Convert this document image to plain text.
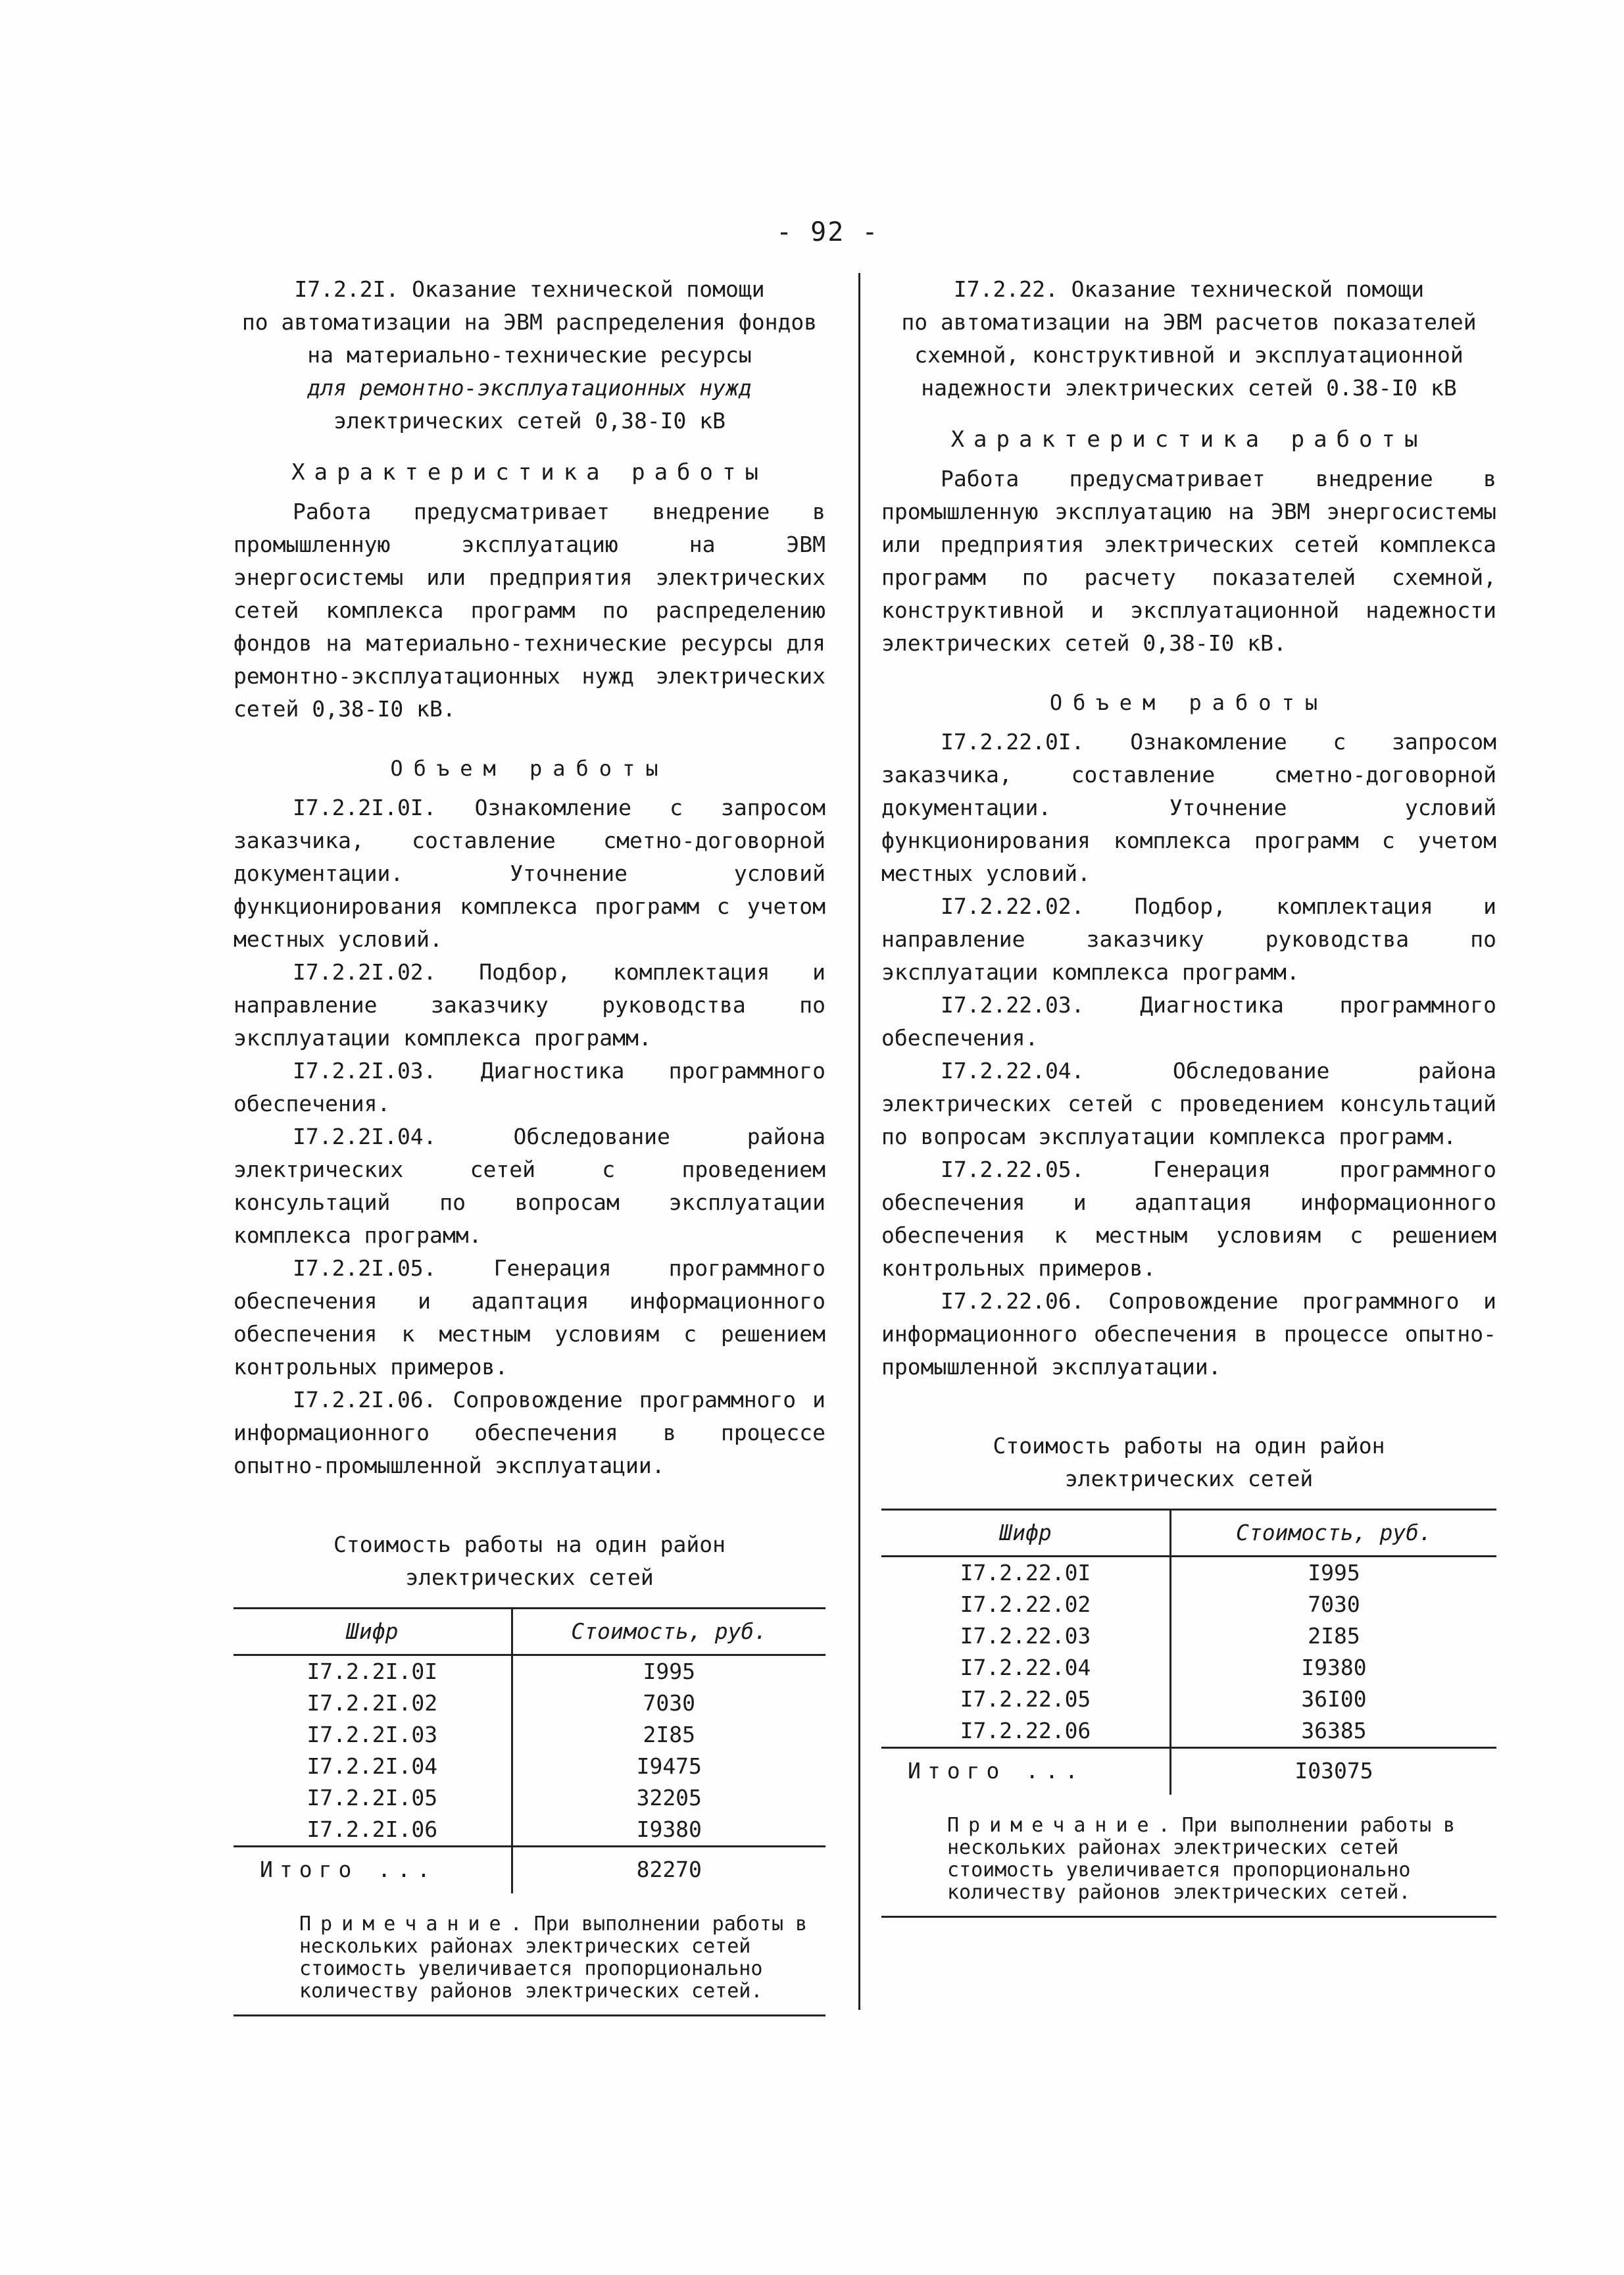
- 92 -
I7.2.2I. Оказание технической помощи
по автоматизации на ЭВМ распределения фондов
на материально-технические ресурсы
для ремонтно-эксплуатационных нужд
электрических сетей 0,38-I0 кВ
Характеристика работы

Работа предусматривает внедрение в промышленную эксплуатацию на ЭВМ энергосистемы или предприятия электрических сетей комплекса программ по распределению фондов на материально-технические ресурсы для ремонтно-эксплуатационных нужд электрических сетей 0,38-I0 кВ.

Объем работы

I7.2.2I.0I. Ознакомление с запросом заказчика, составление сметно-договорной документации. Уточнение условий функционирования комплекса программ с учетом местных условий.

I7.2.2I.02. Подбор, комплектация и направление заказчику руководства по эксплуатации комплекса программ.

I7.2.2I.03. Диагностика программного обеспечения.

I7.2.2I.04. Обследование района электрических сетей с проведением консультаций по вопросам эксплуатации комплекса программ.

I7.2.2I.05. Генерация программного обеспечения и адаптация информационного обеспечения к местным условиям с решением контрольных примеров.

I7.2.2I.06. Сопровождение программного и информационного обеспечения в процессе опытно-промышленной эксплуатации.

Стоимость работы на один район
электрических сетей
Шифр	Стоимость, руб.
I7.2.2I.0I	I995
I7.2.2I.02	7030
I7.2.2I.03	2I85
I7.2.2I.04	I9475
I7.2.2I.05	32205
I7.2.2I.06	I9380
Итого ...	82270
Примечание. При выполнении работы в нескольких районах электрических сетей стоимость увеличивается пропорционально количеству районов электрических сетей.
I7.2.22. Оказание технической помощи
по автоматизации на ЭВМ расчетов показателей
схемной, конструктивной и эксплуатационной
надежности электрических сетей 0.38-I0 кВ
Характеристика работы

Работа предусматривает внедрение в промышленную эксплуатацию на ЭВМ энергосистемы или предприятия электрических сетей комплекса программ по расчету показателей схемной, конструктивной и эксплуатационной надежности электрических сетей 0,38-I0 кВ.

Объем работы

I7.2.22.0I. Ознакомление с запросом заказчика, составление сметно-договорной документации. Уточнение условий функционирования комплекса программ с учетом местных условий.

I7.2.22.02. Подбор, комплектация и направление заказчику руководства по эксплуатации комплекса программ.

I7.2.22.03. Диагностика программного обеспечения.

I7.2.22.04. Обследование района электрических сетей с проведением консультаций по вопросам эксплуатации комплекса программ.

I7.2.22.05. Генерация программного обеспечения и адаптация информационного обеспечения к местным условиям с решением контрольных примеров.

I7.2.22.06. Сопровождение программного и информационного обеспечения в процессе опытно-промышленной эксплуатации.

Стоимость работы на один район
электрических сетей
Шифр	Стоимость, руб.
I7.2.22.0I	I995
I7.2.22.02	7030
I7.2.22.03	2I85
I7.2.22.04	I9380
I7.2.22.05	36I00
I7.2.22.06	36385
Итого ...	I03075
Примечание. При выполнении работы в нескольких районах электрических сетей стоимость увеличивается пропорционально количеству районов электрических сетей.
